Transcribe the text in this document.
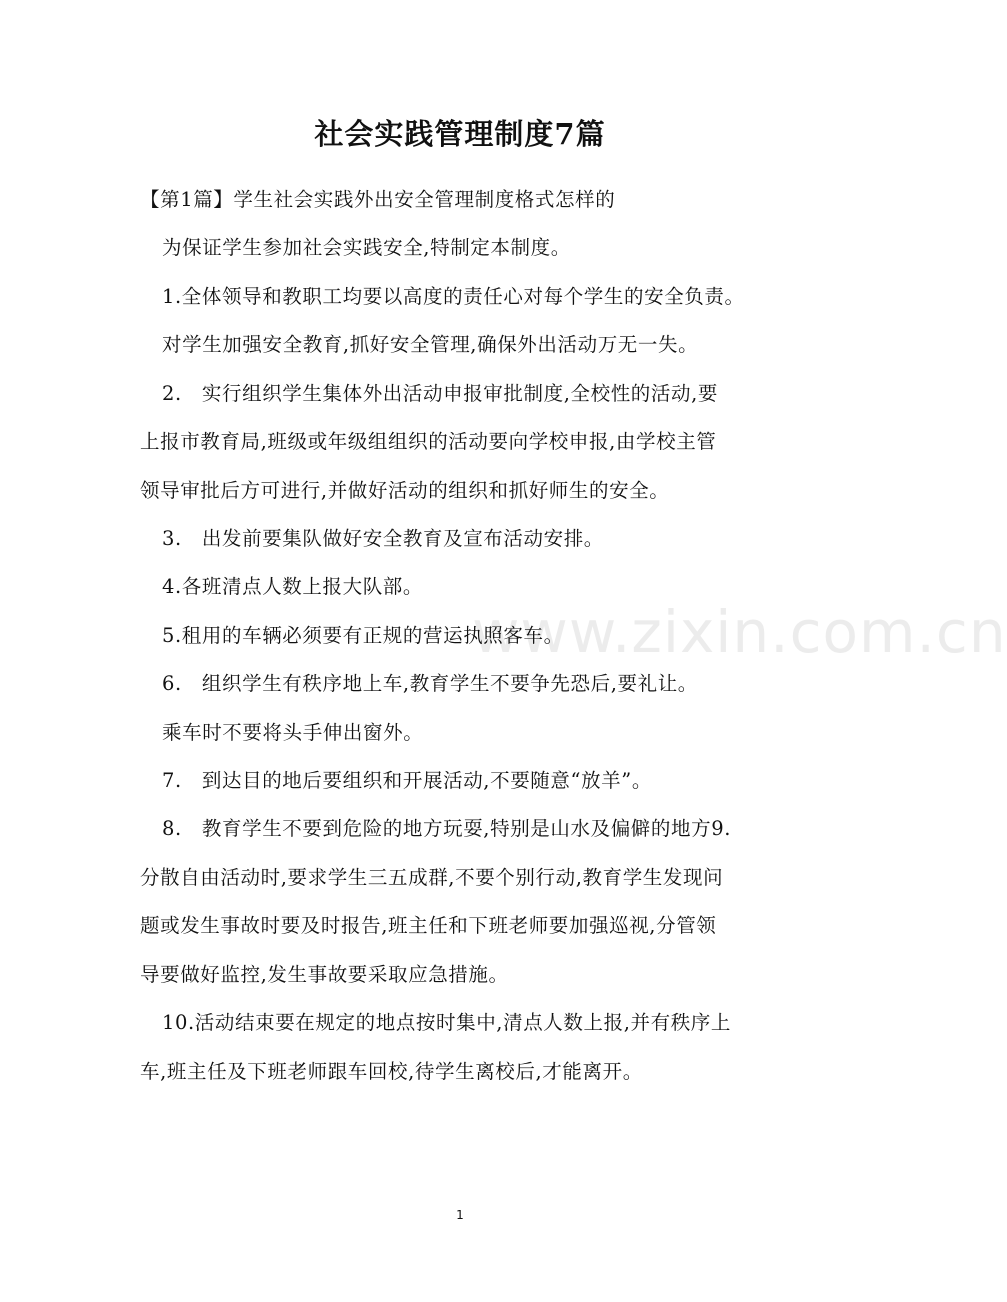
www.zixin.com.cn
社会实践管理制度7篇
【第1篇】学生社会实践外出安全管理制度格式怎样的
为保证学生参加社会实践安全,特制定本制度。
1.全体领导和教职工均要以高度的责任心对每个学生的安全负责。
对学生加强安全教育,抓好安全管理,确保外出活动万无一失。
2.　实行组织学生集体外出活动申报审批制度,全校性的活动,要
上报市教育局,班级或年级组组织的活动要向学校申报,由学校主管
领导审批后方可进行,并做好活动的组织和抓好师生的安全。
3.　出发前要集队做好安全教育及宣布活动安排。
4.各班清点人数上报大队部。
5.租用的车辆必须要有正规的营运执照客车。
6.　组织学生有秩序地上车,教育学生不要争先恐后,要礼让。
乘车时不要将头手伸出窗外。
7.　到达目的地后要组织和开展活动,不要随意“放羊”。
8.　教育学生不要到危险的地方玩耍,特别是山水及偏僻的地方9.
分散自由活动时,要求学生三五成群,不要个别行动,教育学生发现问
题或发生事故时要及时报告,班主任和下班老师要加强巡视,分管领
导要做好监控,发生事故要采取应急措施。
10.活动结束要在规定的地点按时集中,清点人数上报,并有秩序上
车,班主任及下班老师跟车回校,待学生离校后,才能离开。
1
